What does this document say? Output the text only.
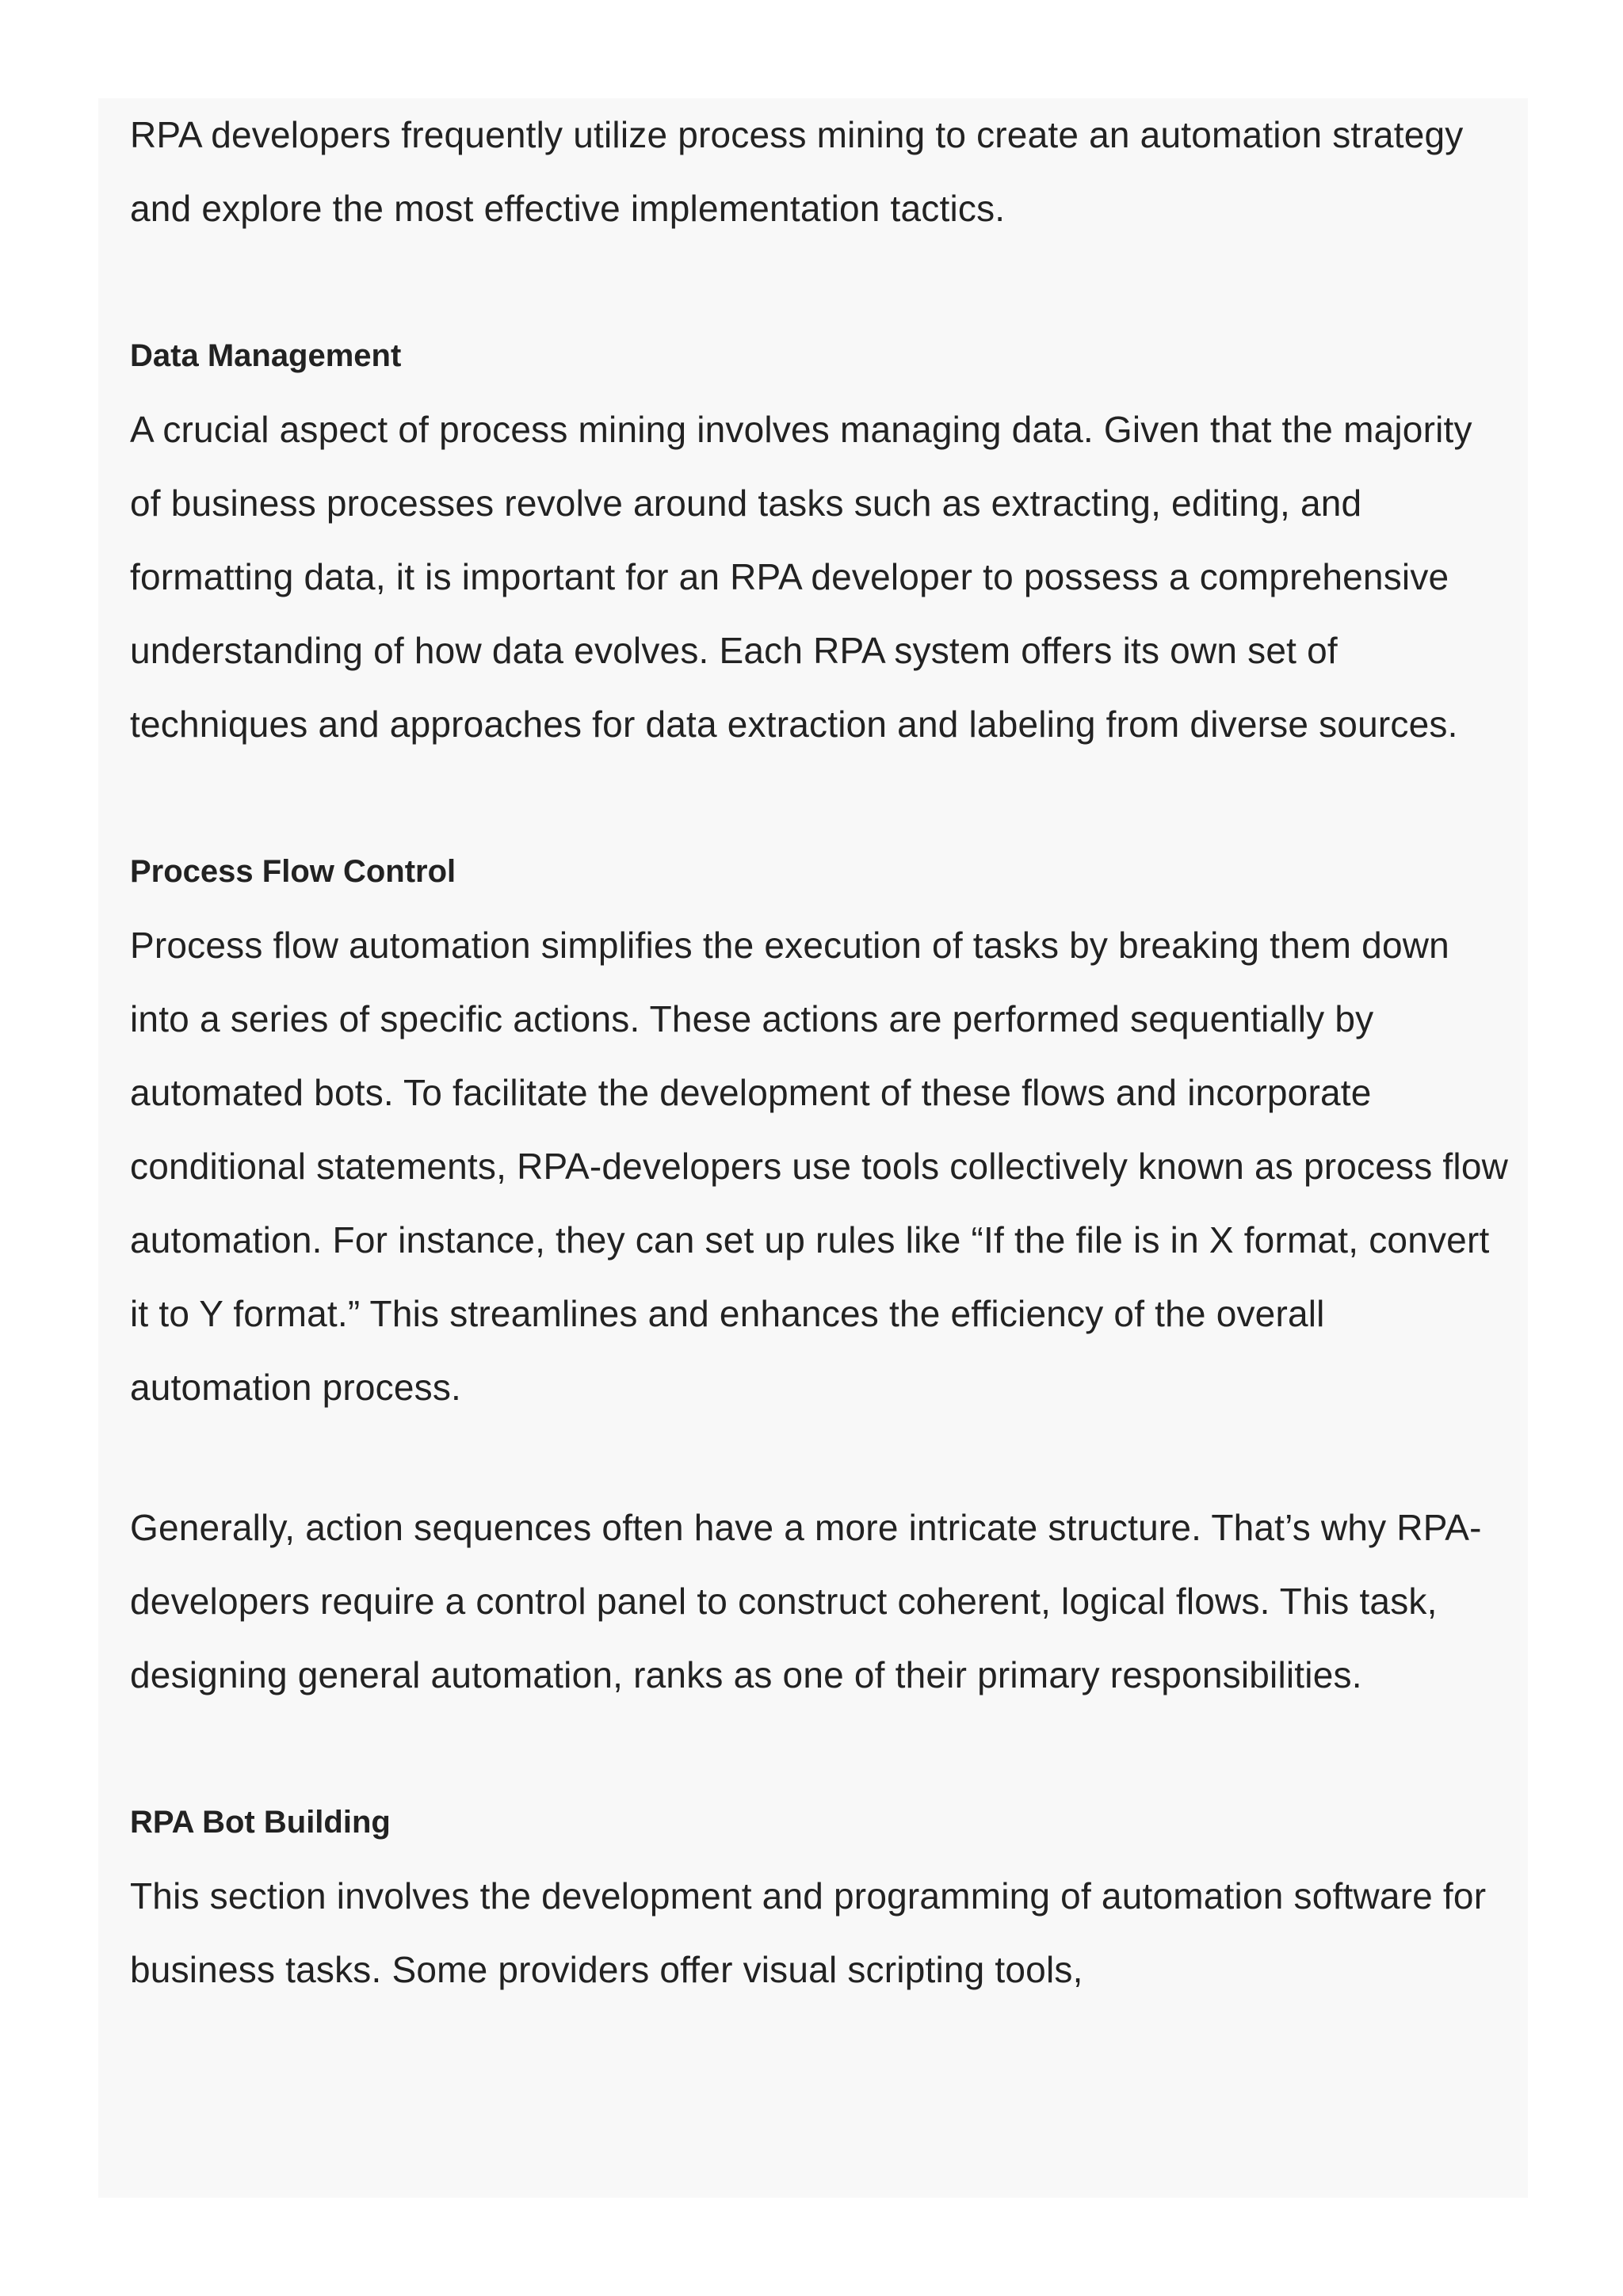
RPA developers frequently utilize process mining to create an automation strategy and explore the most effective implementation tactics.

Data Management

A crucial aspect of process mining involves managing data. Given that the majority of business processes revolve around tasks such as extracting, editing, and formatting data, it is important for an RPA developer to possess a comprehensive understanding of how data evolves. Each RPA system offers its own set of techniques and approaches for data extraction and labeling from diverse sources.

Process Flow Control

Process flow automation simplifies the execution of tasks by breaking them down into a series of specific actions. These actions are performed sequentially by automated bots. To facilitate the development of these flows and incorporate conditional statements, RPA-developers use tools collectively known as process flow automation. For instance, they can set up rules like “If the file is in X format, convert it to Y format.” This streamlines and enhances the efficiency of the overall automation process.

Generally, action sequences often have a more intricate structure. That’s why RPA-developers require a control panel to construct coherent, logical flows. This task, designing general automation, ranks as one of their primary responsibilities.

RPA Bot Building

This section involves the development and programming of automation software for business tasks. Some providers offer visual scripting tools,
